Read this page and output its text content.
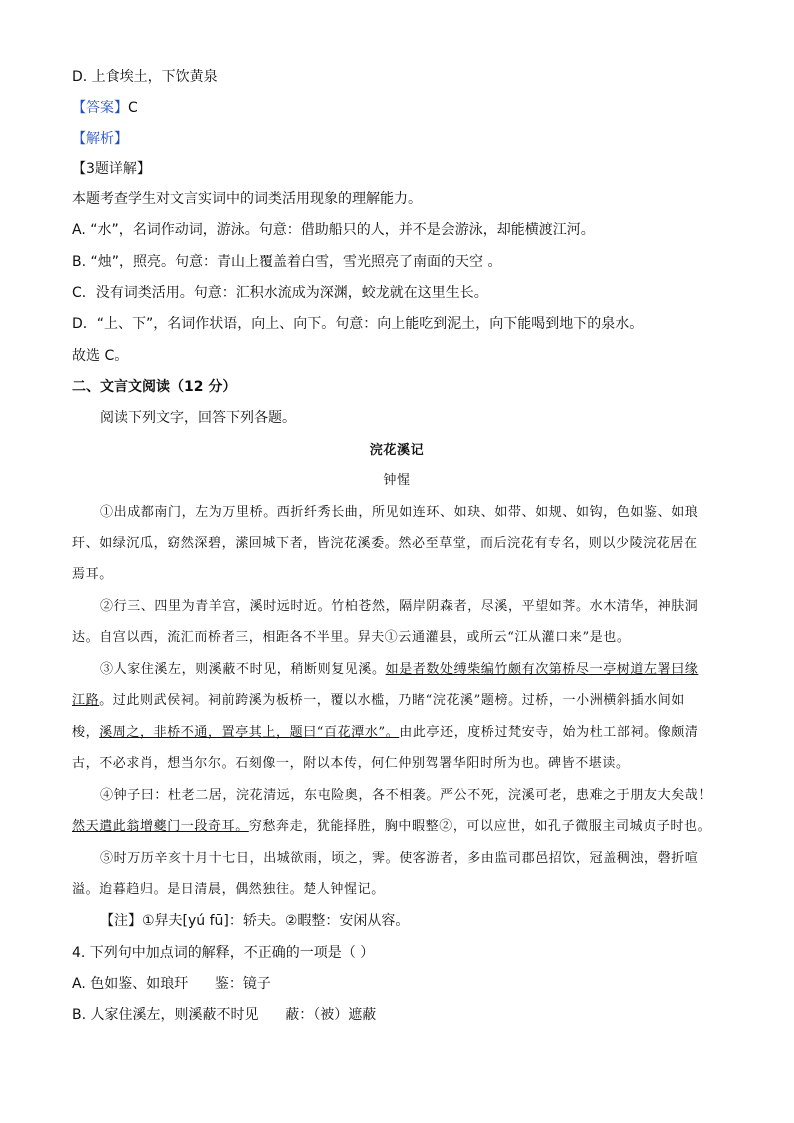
D. 上食埃土，下饮黄泉
【答案】C
【解析】
【3题详解】
本题考查学生对文言实词中的词类活用现象的理解能力。
A. “水”，名词作动词，游泳。句意：借助船只的人，并不是会游泳，却能横渡江河。
B. “烛”，照亮。句意：青山上覆盖着白雪，雪光照亮了南面的天空 。
C．没有词类活用。句意：汇积水流成为深渊，蛟龙就在这里生长。
D．“上、下”，名词作状语，向上、向下。句意：向上能吃到泥土，向下能喝到地下的泉水。
故选 C。
二、文言文阅读（12 分）
阅读下列文字，回答下列各题。
浣花溪记
钟惺
①出成都南门，左为万里桥。西折纤秀长曲，所见如连环、如玦、如带、如规、如钩，色如鉴、如琅
玕、如绿沉瓜，窈然深碧，潆回城下者，皆浣花溪委。然必至草堂，而后浣花有专名，则以少陵浣花居在
焉耳。
②行三、四里为青羊宫，溪时远时近。竹柏苍然，隔岸阴森者，尽溪，平望如荠。水木清华，神肤洞
达。自宫以西，流汇而桥者三，相距各不半里。舁夫①云通灌县，或所云“江从灌口来”是也。
③人家住溪左，则溪蔽不时见，稍断则复见溪。如是者数处缚柴编竹颇有次第桥尽一亭树道左署曰缘
江路。过此则武侯祠。祠前跨溪为板桥一，覆以水槛，乃睹“浣花溪”题榜。过桥，一小洲横斜插水间如
梭，溪周之，非桥不通，置亭其上，题曰“百花潭水”。由此亭还，度桥过梵安寺，始为杜工部祠。像颇清
古，不必求肖，想当尔尔。石刻像一，附以本传，何仁仲别驾署华阳时所为也。碑皆不堪读。
④钟子曰：杜老二居，浣花清远，东屯险奥，各不相袭。严公不死，浣溪可老，患难之于朋友大矣哉！
然天遣此翁增夔门一段奇耳。穷愁奔走，犹能择胜，胸中暇整②，可以应世，如孔子微服主司城贞子时也。
⑤时万历辛亥十月十七日，出城欲雨，顷之，霁。使客游者，多由监司郡邑招饮，冠盖稠浊，磬折喧
溢。迨暮趋归。是日清晨，偶然独往。楚人钟惺记。
【注】①舁夫[yú fū]：轿夫。②暇整：安闲从容。
4. 下列句中加点词的解释，不正确的一项是（ ）
A. 色如鉴、如琅玕      鉴：镜子
B. 人家住溪左，则溪蔽不时见      蔽：（被）遮蔽
